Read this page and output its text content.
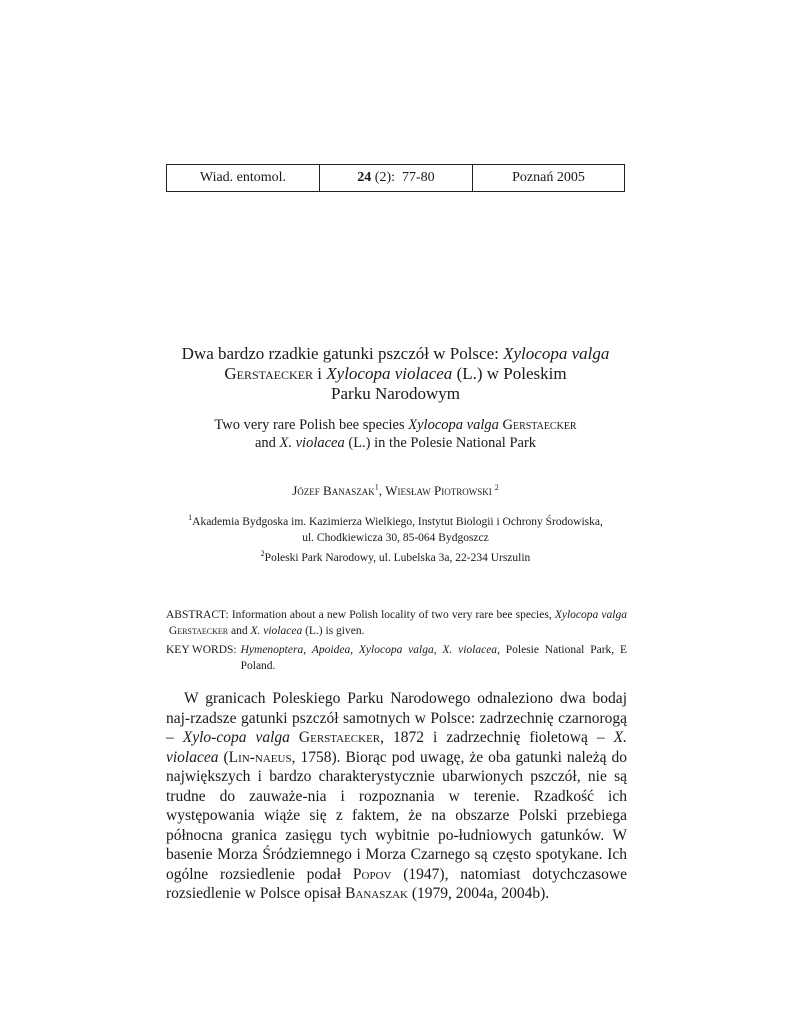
Wiad. entomol.	24 (2):  77-80	Poznań 2005
Dwa bardzo rzadkie gatunki pszczół w Polsce: Xylocopa valga
Gerstaecker i Xylocopa violacea (L.) w Poleskim
Parku Narodowym
Two very rare Polish bee species Xylocopa valga Gerstaecker
and X. violacea (L.) in the Polesie National Park
Józef Banaszak$^1$, Wiesław Piotrowski $^2$
$^1$Akademia Bydgoska im. Kazimierza Wielkiego, Instytut Biologii i Ochrony Środowiska,
ul. Chodkiewicza 30, 85-064 Bydgoszcz
$^2$Poleski Park Narodowy, ul. Lubelska 3a, 22-234 Urszulin
ABSTRACT: Information about a new Polish locality of two very rare bee species, Xylocopa valga Gerstaecker and X. violacea (L.) is given.
KEY WORDS: Hymenoptera, Apoidea, Xylocopa valga, X. violacea, Polesie National Park, E Poland.
W granicach Poleskiego Parku Narodowego odnaleziono dwa bodaj naj-rzadsze gatunki pszczół samotnych w Polsce: zadrzechnię czarnorogą – Xylo-copa valga Gerstaecker, 1872 i zadrzechnię fioletową – X. violacea (Lin-naeus, 1758). Biorąc pod uwagę, że oba gatunki należą do największych i bardzo charakterystycznie ubarwionych pszczół, nie są trudne do zauważe-nia i rozpoznania w terenie. Rzadkość ich występowania wiąże się z faktem, że na obszarze Polski przebiega północna granica zasięgu tych wybitnie po-łudniowych gatunków. W basenie Morza Śródziemnego i Morza Czarnego są często spotykane. Ich ogólne rozsiedlenie podał Popov (1947), natomiast dotychczasowe rozsiedlenie w Polsce opisał Banaszak (1979, 2004a, 2004b).
